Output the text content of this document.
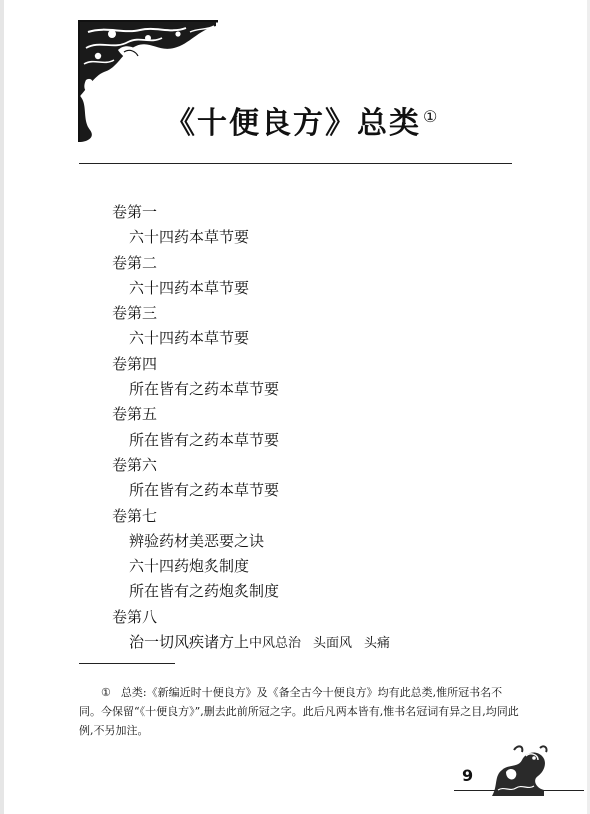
《十便良方》总类 ①
卷第一
六十四药本草节要
卷第二
六十四药本草节要
卷第三
六十四药本草节要
卷第四
所在皆有之药本草节要
卷第五
所在皆有之药本草节要
卷第六
所在皆有之药本草节要
卷第七
辨验药材美恶要之诀
六十四药炮炙制度
所在皆有之药炮炙制度
卷第八
治一切风疾诸方上中风总治 头面风 头痛

① 总类:《新编近时十便良方》及《备全古今十便良方》均有此总类,惟所冠书名不同。今保留“《十便良方》”,删去此前所冠之字。此后凡两本皆有,惟书名冠词有异之目,均同此例,不另加注。

9
